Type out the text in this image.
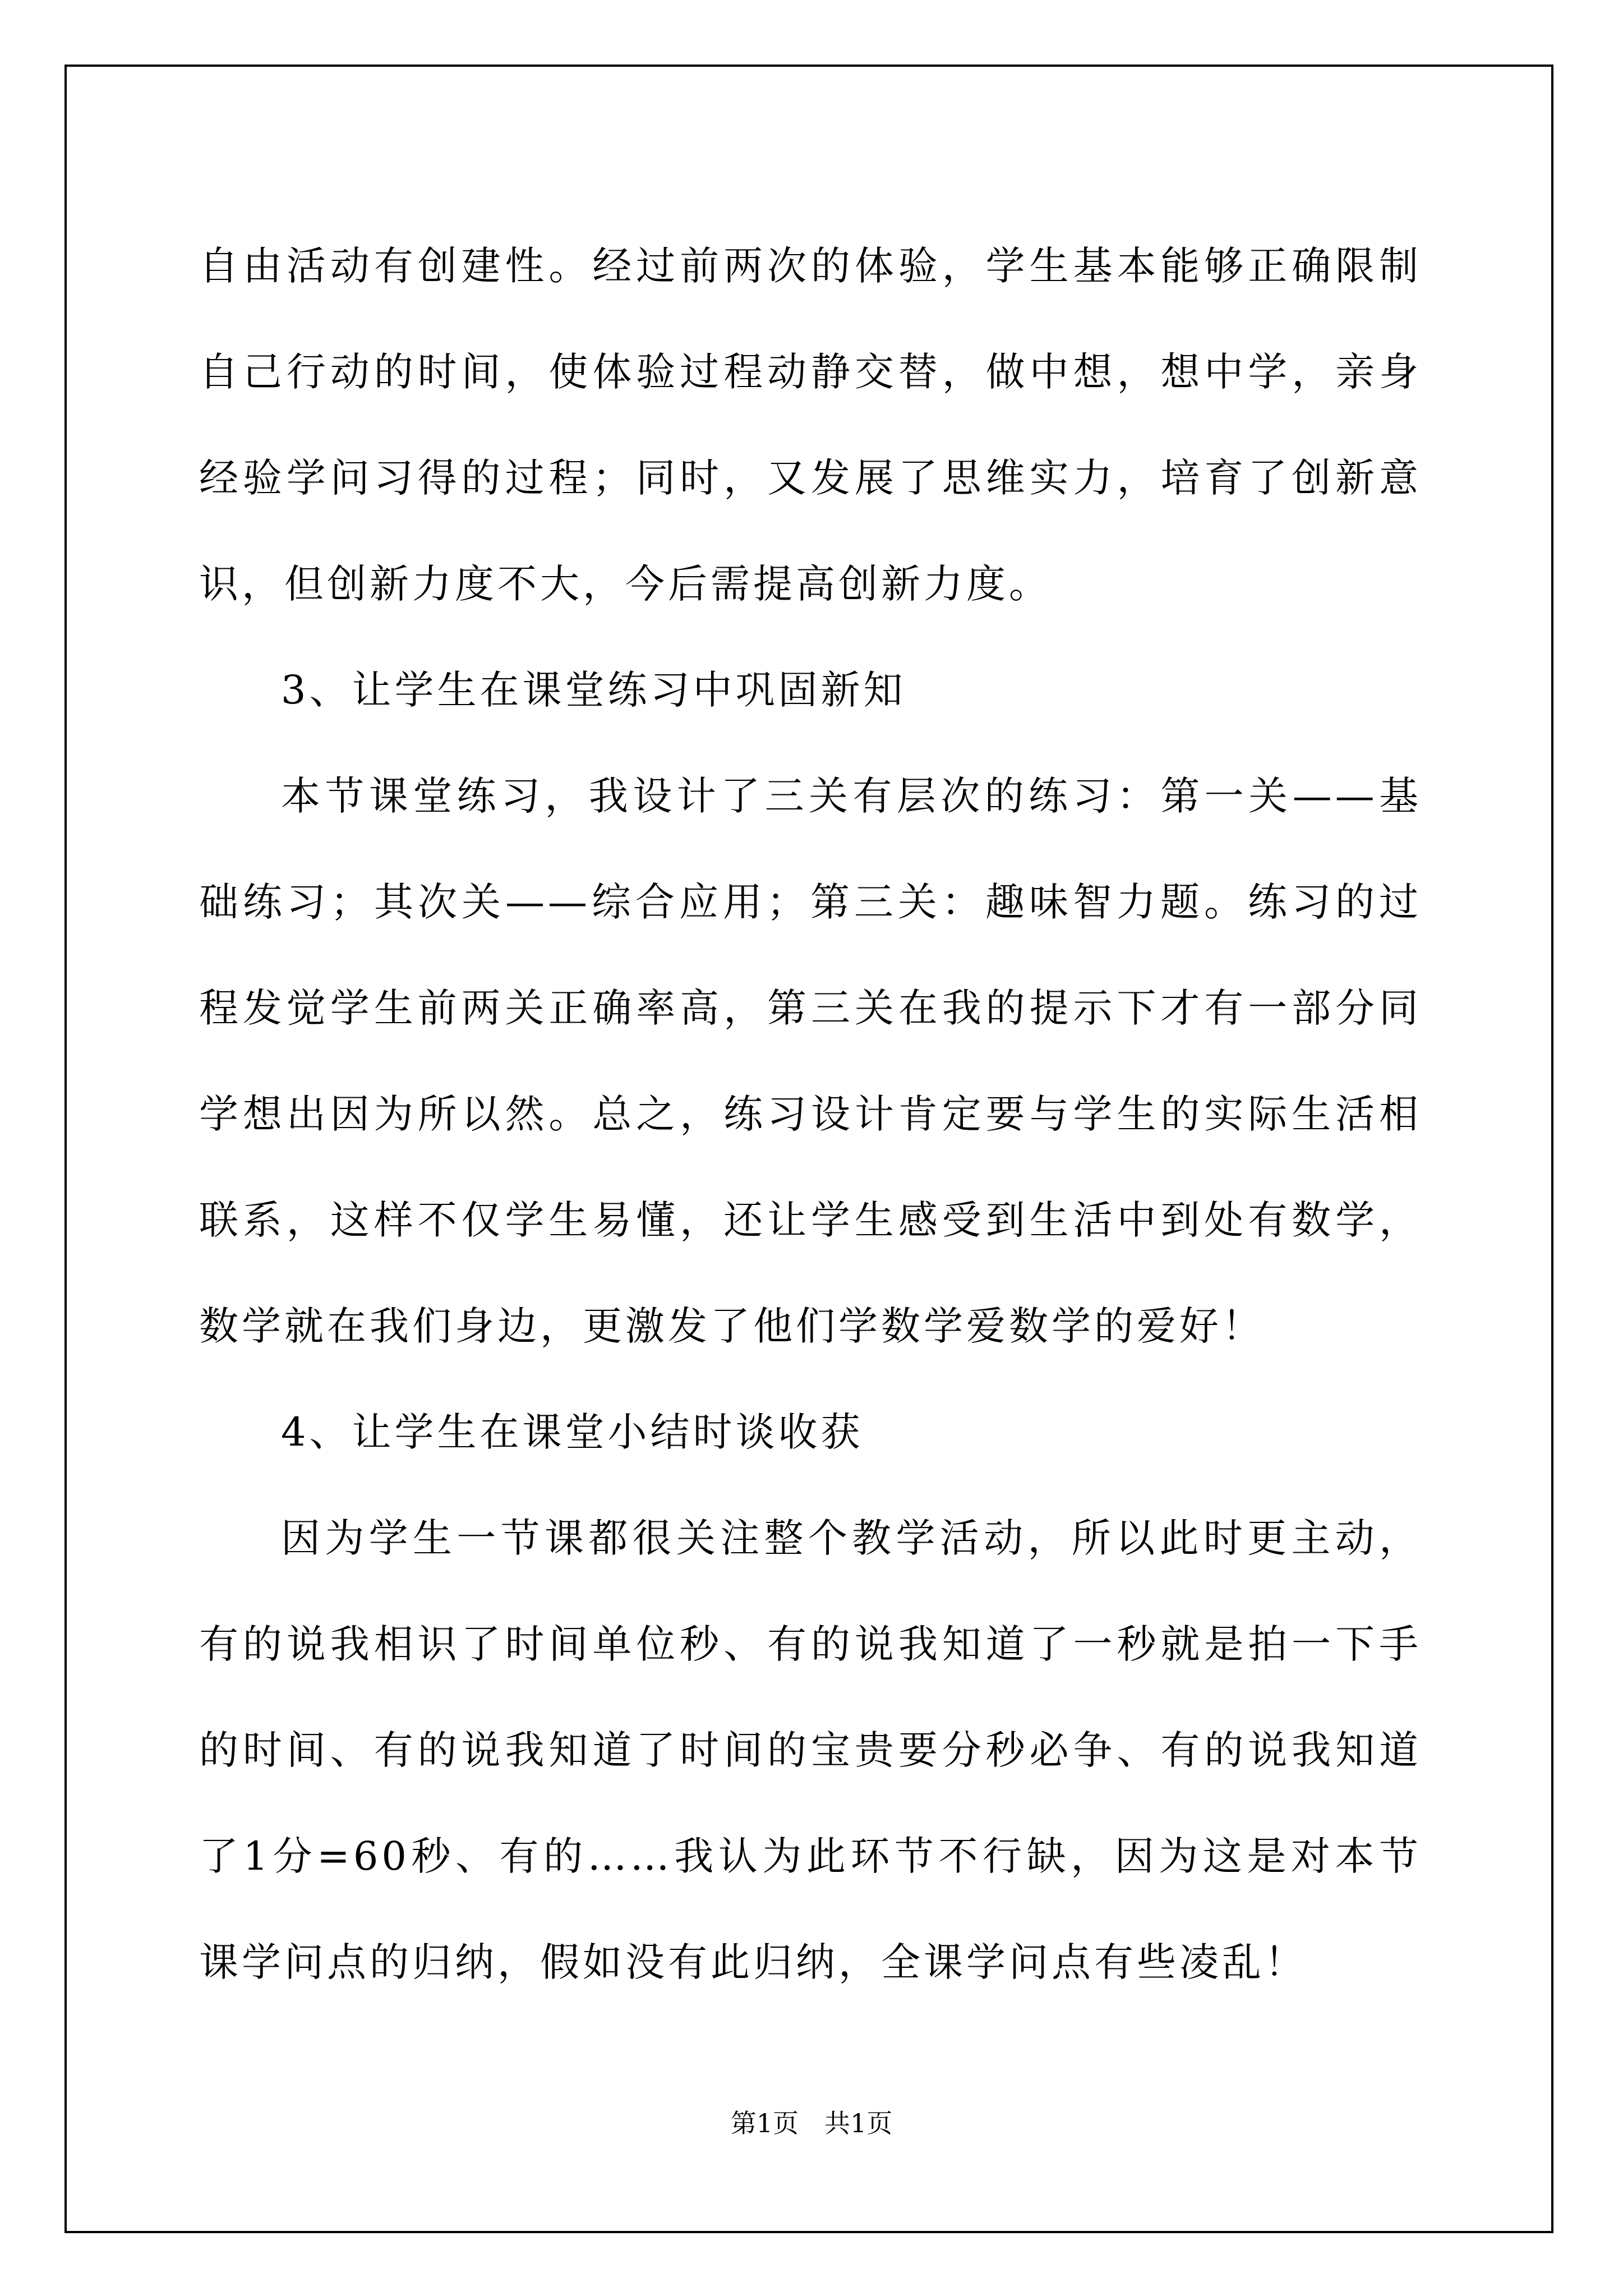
自由活动有创建性。经过前两次的体验，学生基本能够正确限制自己行动的时间，使体验过程动静交替，做中想，想中学，亲身经验学问习得的过程；同时，又发展了思维实力，培育了创新意识，但创新力度不大，今后需提高创新力度。

3、让学生在课堂练习中巩固新知

本节课堂练习，我设计了三关有层次的练习：第一关——基础练习；其次关——综合应用；第三关：趣味智力题。练习的过程发觉学生前两关正确率高，第三关在我的提示下才有一部分同学想出因为所以然。总之，练习设计肯定要与学生的实际生活相联系，这样不仅学生易懂，还让学生感受到生活中到处有数学，数学就在我们身边，更激发了他们学数学爱数学的爱好！

4、让学生在课堂小结时谈收获

因为学生一节课都很关注整个教学活动，所以此时更主动，有的说我相识了时间单位秒、有的说我知道了一秒就是拍一下手的时间、有的说我知道了时间的宝贵要分秒必争、有的说我知道了1分=60秒、有的……我认为此环节不行缺，因为这是对本节课学问点的归纳，假如没有此归纳，全课学问点有些凌乱！

第1页 共1页
